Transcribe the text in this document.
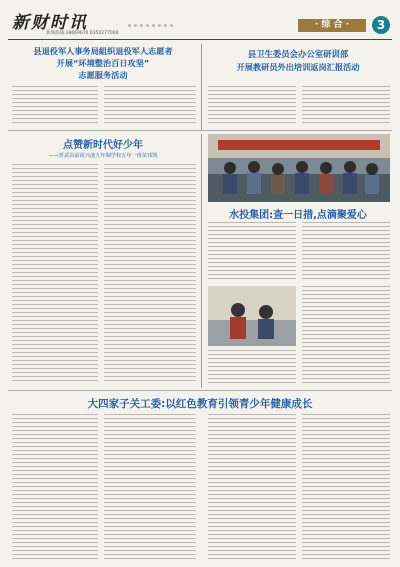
新财时讯
新闻热线:18669670 0350277000
· 综 合 ·	3
县退役军人事务局組织退役军人志愿者
开展“环境整治百日攻坚”
志愿服务活动
县卫生委员会办公室研训部
开展教研员外出培训返岗汇报活动
点赞新时代好少年
——忻武县前祝兴池九年制学校五年一班苗玮凯
水投集团:查一日措,点滴聚爱心
大四家子关工委:以红色教育引领青少年健康成长
